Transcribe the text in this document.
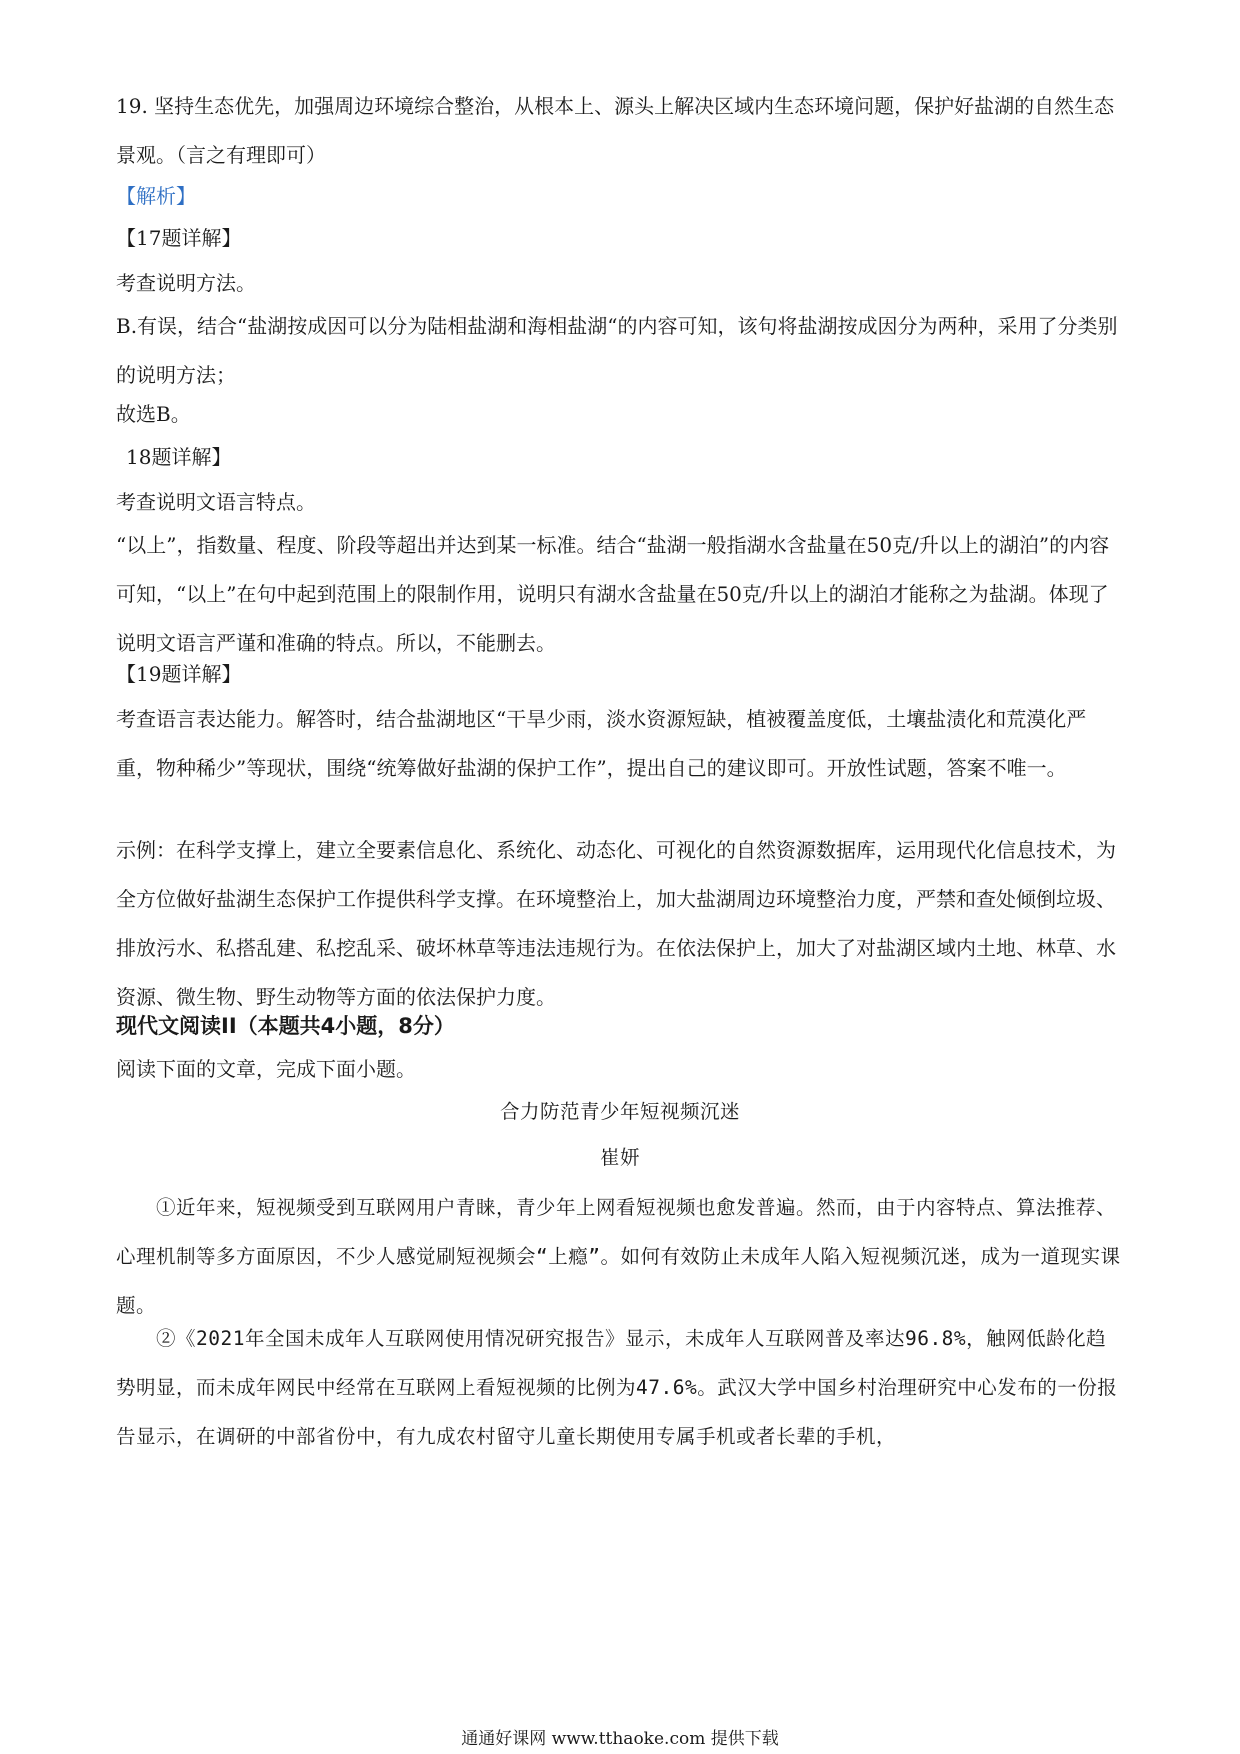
19. 坚持生态优先，加强周边环境综合整治，从根本上、源头上解决区域内生态环境问题，保护好盐湖的自然生态景观。（言之有理即可）

【解析】

【17题详解】

考查说明方法。

B.有误，结合“盐湖按成因可以分为陆相盐湖和海相盐湖“的内容可知，该句将盐湖按成因分为两种，采用了分类别的说明方法；

故选B。

18题详解】

考查说明文语言特点。

“以上”，指数量、程度、阶段等超出并达到某一标准。结合“盐湖一般指湖水含盐量在50克/升以上的湖泊”的内容可知，“以上”在句中起到范围上的限制作用，说明只有湖水含盐量在50克/升以上的湖泊才能称之为盐湖。体现了说明文语言严谨和准确的特点。所以，不能删去。

【19题详解】

考查语言表达能力。解答时，结合盐湖地区“干旱少雨，淡水资源短缺，植被覆盖度低，土壤盐渍化和荒漠化严重，物种稀少”等现状，围绕“统筹做好盐湖的保护工作”，提出自己的建议即可。开放性试题，答案不唯一。

示例：在科学支撑上，建立全要素信息化、系统化、动态化、可视化的自然资源数据库，运用现代化信息技术，为全方位做好盐湖生态保护工作提供科学支撑。在环境整治上，加大盐湖周边环境整治力度，严禁和查处倾倒垃圾、排放污水、私搭乱建、私挖乱采、破坏林草等违法违规行为。在依法保护上，加大了对盐湖区域内土地、林草、水资源、微生物、野生动物等方面的依法保护力度。

现代文阅读II（本题共4小题，8分）

阅读下面的文章，完成下面小题。

合力防范青少年短视频沉迷
崔妍

①近年来，短视频受到互联网用户青睐，青少年上网看短视频也愈发普遍。然而，由于内容特点、算法推荐、心理机制等多方面原因，不少人感觉刷短视频会“上瘾”。如何有效防止未成年人陷入短视频沉迷，成为一道现实课题。

②《2021年全国未成年人互联网使用情况研究报告》显示，未成年人互联网普及率达96.8%，触网低龄化趋势明显，而未成年网民中经常在互联网上看短视频的比例为47.6%。武汉大学中国乡村治理研究中心发布的一份报告显示，在调研的中部省份中，有九成农村留守儿童长期使用专属手机或者长辈的手机，

通通好课网 www.tthaoke.com 提供下载
